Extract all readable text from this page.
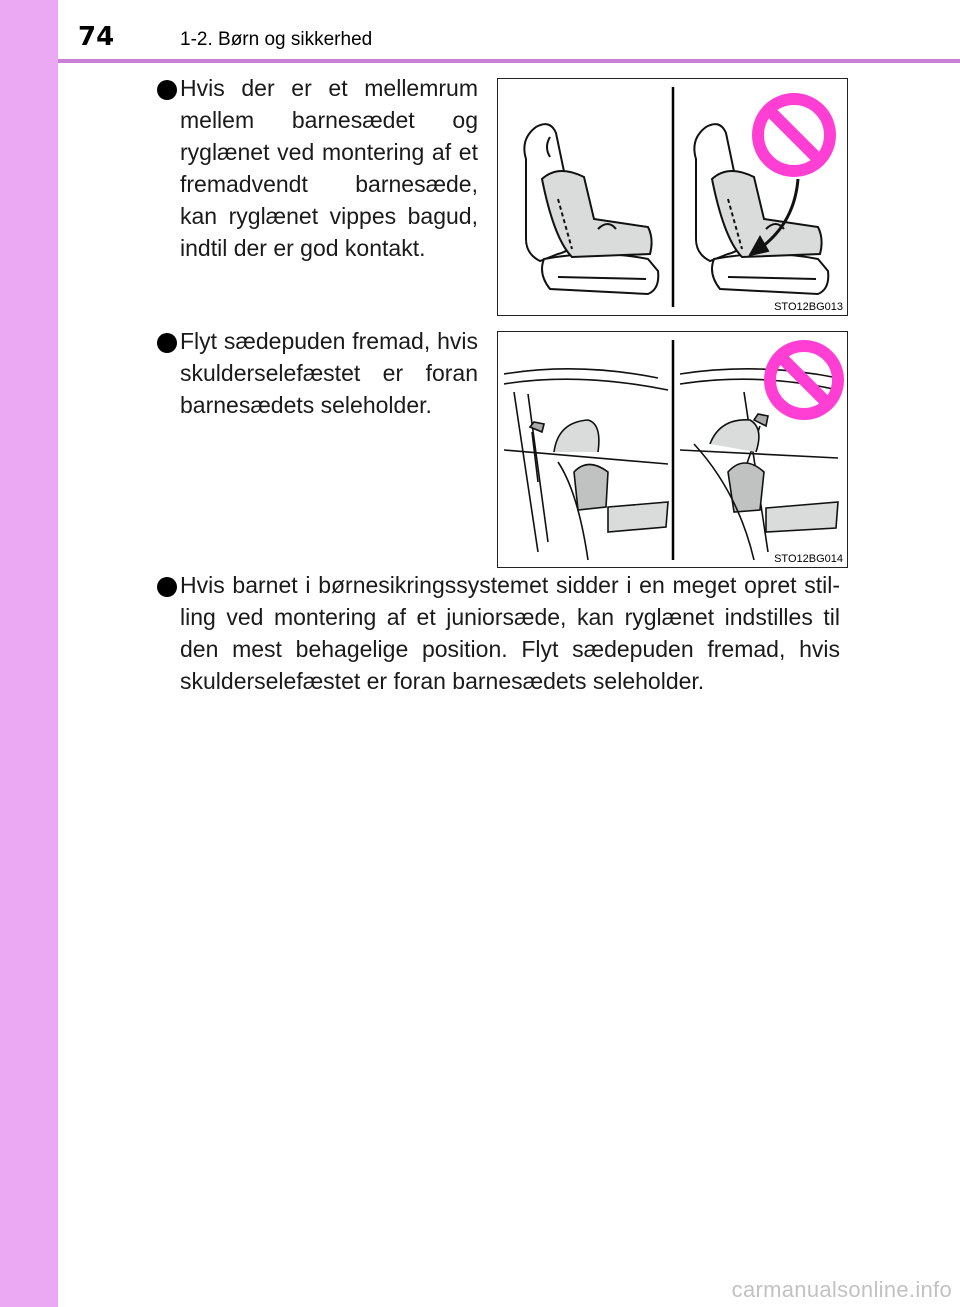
74	1-2. Børn og sikkerhed
Hvis der er et mellemrum mellem barnesædet og ryglænet ved montering af et fremadvendt barnesæde, kan ryglænet vippes bagud, indtil der er god kontakt.
STO12BG013
Flyt sædepuden fremad, hvis skulderselefæstet er foran barnesædets seleholder.
STO12BG014
Hvis barnet i børnesikringssystemet sidder i en meget opret stil- ling ved montering af et juniorsæde, kan ryglænet indstilles til den mest behagelige position. Flyt sædepuden fremad, hvis skulderselefæstet er foran barnesædets seleholder.
carmanualsonline.info
